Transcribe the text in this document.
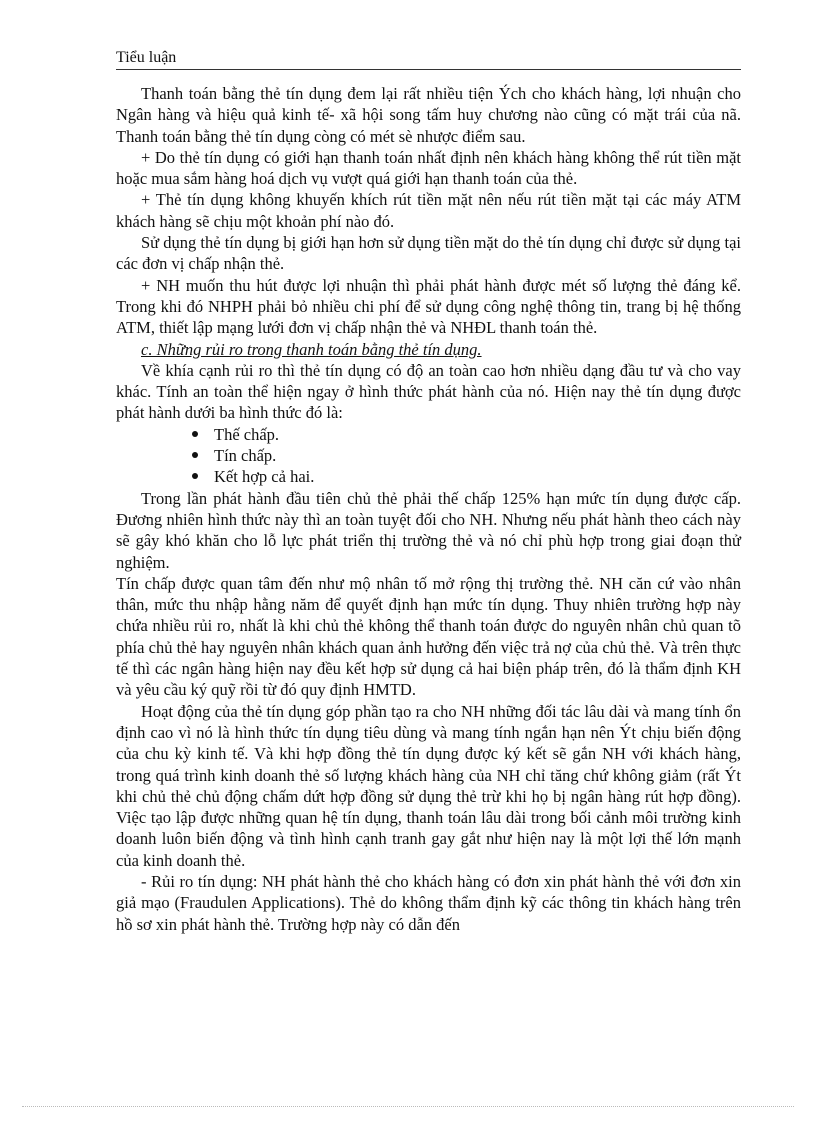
Tiểu luận

Thanh toán bằng thẻ tín dụng đem lại rất nhiều tiện Ých cho khách hàng, lợi nhuận cho Ngân hàng và hiệu quả kinh tế- xã hội song tấm huy chương nào cũng có mặt trái của nã. Thanh toán bằng thẻ tín dụng còng có mét sè nhược điểm sau.

+ Do thẻ tín dụng có giới hạn thanh toán nhất định nên khách hàng không thể rút tiền mặt hoặc mua sắm hàng hoá dịch vụ vượt quá giới hạn thanh toán của thẻ.

+ Thẻ tín dụng không khuyến khích rút tiền mặt nên nếu rút tiền mặt tại các máy ATM khách hàng sẽ chịu một khoản phí nào đó.

Sử dụng thẻ tín dụng bị giới hạn hơn sử dụng tiền mặt do thẻ tín dụng chỉ được sử dụng tại các đơn vị chấp nhận thẻ.

+ NH muốn thu hút được lợi nhuận thì phải phát hành được mét số lượng thẻ đáng kể. Trong khi đó NHPH phải bỏ nhiều chi phí để sử dụng công nghệ thông tin, trang bị hệ thống ATM, thiết lập mạng lưới đơn vị chấp nhận thẻ và NHĐL thanh toán thẻ.

c. Những rủi ro trong thanh toán bằng thẻ tín dụng.

Về khía cạnh rủi ro thì thẻ tín dụng có độ an toàn cao hơn nhiều dạng đầu tư và cho vay khác. Tính an toàn thể hiện ngay ở hình thức phát hành của nó. Hiện nay thẻ tín dụng được phát hành dưới ba hình thức đó là:

Thế chấp.
Tín chấp.
Kết hợp cả hai.

Trong lần phát hành đầu tiên chủ thẻ phải thế chấp 125% hạn mức tín dụng được cấp. Đương nhiên hình thức này thì an toàn tuyệt đối cho NH. Nhưng nếu phát hành theo cách này sẽ gây khó khăn cho lỗ lực phát triển thị trường thẻ và nó chỉ phù hợp trong giai đoạn thử nghiệm.

Tín chấp được quan tâm đến như mộ nhân tố mở rộng thị trường thẻ. NH căn cứ vào nhân thân, mức thu nhập hằng năm để quyết định hạn mức tín dụng. Thuy nhiên trường hợp này chứa nhiều rủi ro, nhất là khi chủ thẻ không thể thanh toán được do nguyên nhân chủ quan tõ phía chủ thẻ hay nguyên nhân khách quan ảnh hưởng đến việc trả nợ của chủ thẻ. Và trên thực tế thì các ngân hàng hiện nay đều kết hợp sử dụng cả hai biện pháp trên, đó là thẩm định KH và yêu cầu ký quỹ rồi từ đó quy định HMTD.

Hoạt động của thẻ tín dụng góp phần tạo ra cho NH những đối tác lâu dài và mang tính ổn định cao vì nó là hình thức tín dụng tiêu dùng và mang tính ngắn hạn nên Ýt chịu biến động của chu kỳ kinh tế. Và khi hợp đồng thẻ tín dụng được ký kết sẽ gắn NH với khách hàng, trong quá trình kinh doanh thẻ số lượng khách hàng của NH chỉ tăng chứ không giảm (rất Ýt khi chủ thẻ chủ động chấm dứt hợp đồng sử dụng thẻ trừ khi họ bị ngân hàng rút hợp đồng). Việc tạo lập được những quan hệ tín dụng, thanh toán lâu dài trong bối cảnh môi trường kinh doanh luôn biến động và tình hình cạnh tranh gay gắt như hiện nay là một lợi thế lớn mạnh của kinh doanh thẻ.

- Rủi ro tín dụng: NH phát hành thẻ cho khách hàng có đơn xin phát hành thẻ với đơn xin giả mạo (Fraudulen Applications). Thẻ do không thẩm định kỹ các thông tin khách hàng trên hồ sơ xin phát hành thẻ. Trường hợp này có dẫn đến
